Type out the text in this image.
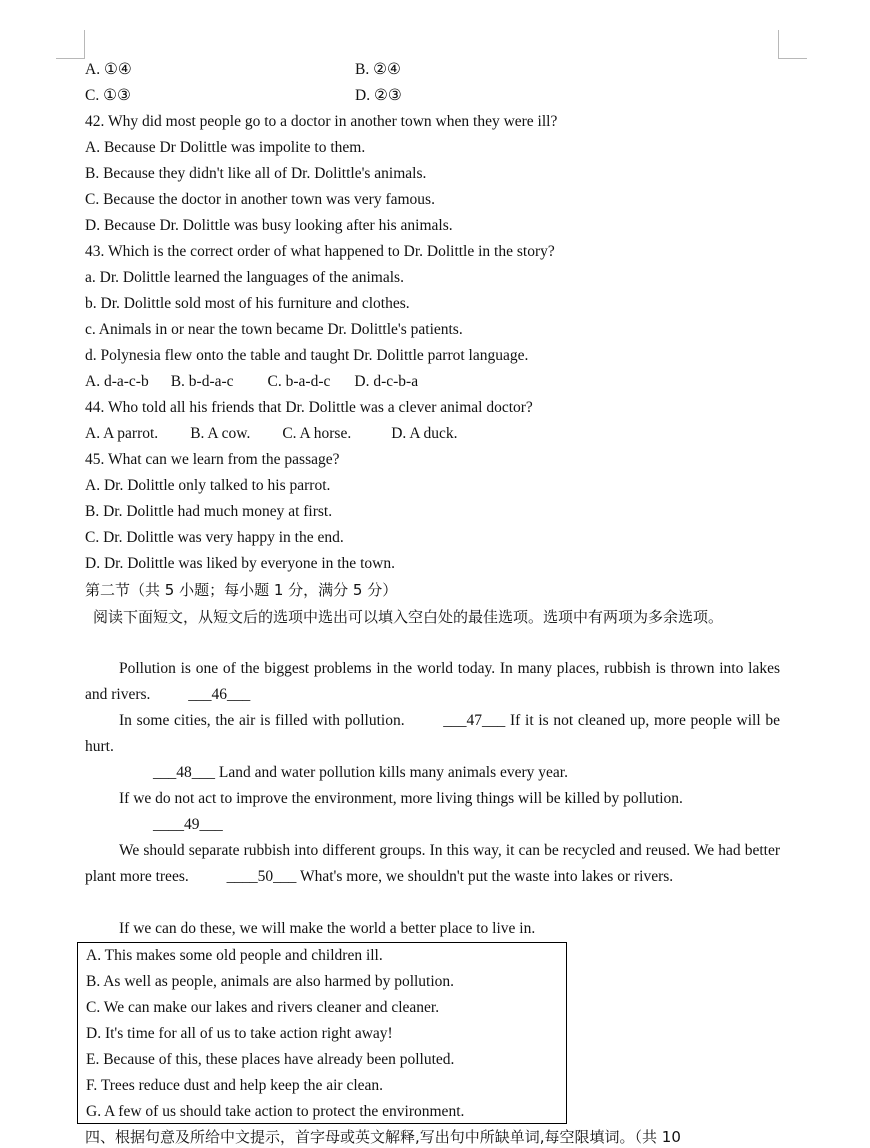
A. ①④	B. ②④
C. ①③	D. ②③
42. Why did most people go to a doctor in another town when they were ill?
A. Because Dr Dolittle was impolite to them.
B. Because they didn't like all of Dr. Dolittle's animals.
C. Because the doctor in another town was very famous.
D. Because Dr. Dolittle was busy looking after his animals.
43. Which is the correct order of what happened to Dr. Dolittle in the story?
a. Dr. Dolittle learned the languages of the animals.
b. Dr. Dolittle sold most of his furniture and clothes.
c. Animals in or near the town became Dr. Dolittle's patients.
d. Polynesia flew onto the table and taught Dr. Dolittle parrot language.
A. d-a-c-b B. b-d-a-c C. b-a-d-c D. d-c-b-a
44. Who told all his friends that Dr. Dolittle was a clever animal doctor?
A. A parrot. B. A cow. C. A horse.	D. A duck.
45. What can we learn from the passage?
A. Dr. Dolittle only talked to his parrot.
B. Dr. Dolittle had much money at first.
C. Dr. Dolittle was very happy in the end.
D. Dr. Dolittle was liked by everyone in the town.
第二节（共 5 小题；每小题 1 分，满分 5 分）
阅读下面短文，从短文后的选项中选出可以填入空白处的最佳选项。选项中有两项为多余选项。
Pollution is one of the biggest problems in the world today. In many places, rubbish is thrown into lakes and rivers. ___46___
In some cities, the air is filled with pollution. ___47___ If it is not cleaned up, more people will be hurt.
___48___ Land and water pollution kills many animals every year.
If we do not act to improve the environment, more living things will be killed by pollution.
____49___
We should separate rubbish into different groups. In this way, it can be recycled and reused. We had better plant more trees. ____50___ What's more, we shouldn't put the waste into lakes or rivers.
If we can do these, we will make the world a better place to live in.
A. This makes some old people and children ill.
B. As well as people, animals are also harmed by pollution.
C. We can make our lakes and rivers cleaner and cleaner.
D. It's time for all of us to take action right away!
E. Because of this, these places have already been polluted.
F. Trees reduce dust and help keep the air clean.
G. A few of us should take action to protect the environment.
四、根据句意及所给中文提示，首字母或英文解释,写出句中所缺单词,每空限填词。（共 10
